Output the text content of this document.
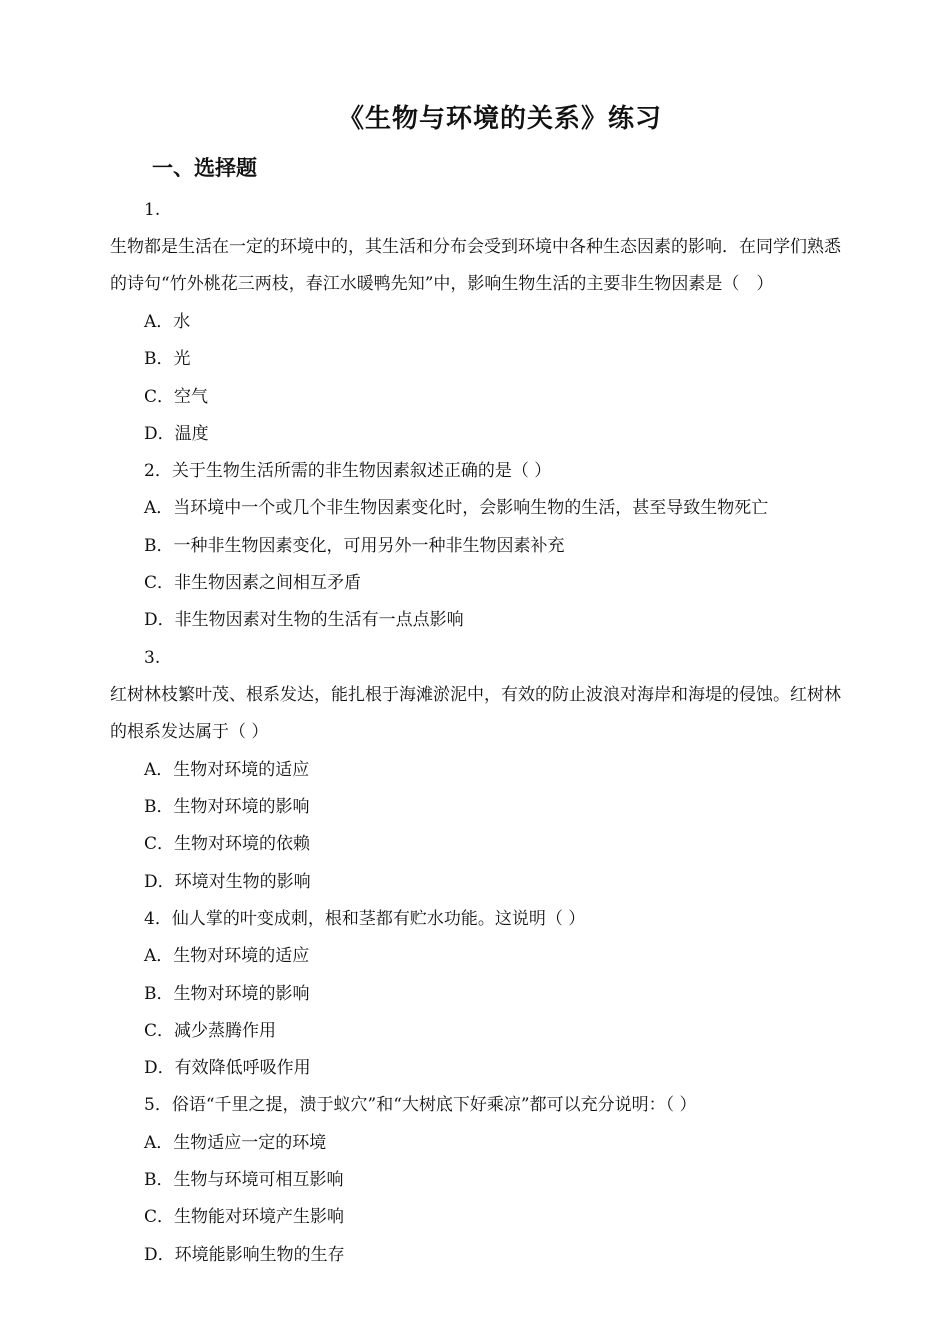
《生物与环境的关系》练习
一、选择题
1.
生物都是生活在一定的环境中的，其生活和分布会受到环境中各种生态因素的影响．在同学们熟悉
的诗句“竹外桃花三两枝，春江水暖鸭先知”中，影响生物生活的主要非生物因素是（　）
A．水
B．光
C．空气
D．温度
2．关于生物生活所需的非生物因素叙述正确的是（ ）
A．当环境中一个或几个非生物因素变化时，会影响生物的生活，甚至导致生物死亡
B．一种非生物因素变化，可用另外一种非生物因素补充
C．非生物因素之间相互矛盾
D．非生物因素对生物的生活有一点点影响
3.
红树林枝繁叶茂、根系发达，能扎根于海滩淤泥中，有效的防止波浪对海岸和海堤的侵蚀。红树林
的根系发达属于（ ）
A．生物对环境的适应
B．生物对环境的影响
C．生物对环境的依赖
D．环境对生物的影响
4．仙人掌的叶变成刺，根和茎都有贮水功能。这说明（ ）
A．生物对环境的适应
B．生物对环境的影响
C．减少蒸腾作用
D．有效降低呼吸作用
5．俗语“千里之提，溃于蚁穴”和“大树底下好乘凉”都可以充分说明：（ ）
A．生物适应一定的环境
B．生物与环境可相互影响
C．生物能对环境产生影响
D．环境能影响生物的生存
